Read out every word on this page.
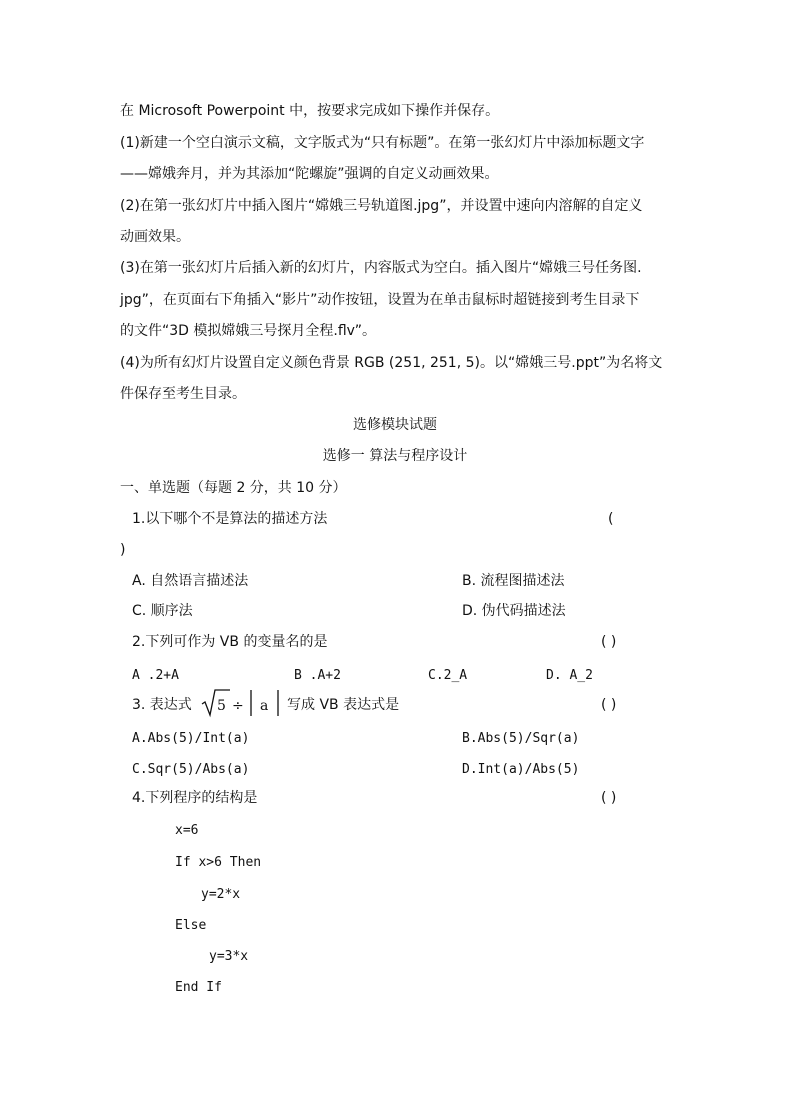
在 Microsoft Powerpoint 中，按要求完成如下操作并保存。
(1)新建一个空白演示文稿，文字版式为“只有标题”。在第一张幻灯片中添加标题文字
——嫦娥奔月，并为其添加“陀螺旋”强调的自定义动画效果。
(2)在第一张幻灯片中插入图片“嫦娥三号轨道图.jpg”，并设置中速向内溶解的自定义
动画效果。
(3)在第一张幻灯片后插入新的幻灯片，内容版式为空白。插入图片“嫦娥三号任务图.
jpg”，在页面右下角插入“影片”动作按钮，设置为在单击鼠标时超链接到考生目录下
的文件“3D 模拟嫦娥三号探月全程.flv”。
(4)为所有幻灯片设置自定义颜色背景 RGB (251, 251, 5)。以“嫦娥三号.ppt”为名将文
件保存至考生目录。
选修模块试题
选修一 算法与程序设计
一、单选题（每题 2 分，共 10 分）
1.以下哪个不是算法的描述方法	(
)
A. 自然语言描述法	B. 流程图描述法
C. 顺序法	D. 伪代码描述法
2.下列可作为 VB 的变量名的是	( )
A .2+A	B .A+2	C.2_A	D. A_2
3. 表达式 5 ÷ a 写成 VB 表达式是	( )
A.Abs(5)/Int(a)	B.Abs(5)/Sqr(a)
C.Sqr(5)/Abs(a)	D.Int(a)/Abs(5)
4.下列程序的结构是	( )
x=6
If x>6 Then
y=2*x
Else
y=3*x
End If
